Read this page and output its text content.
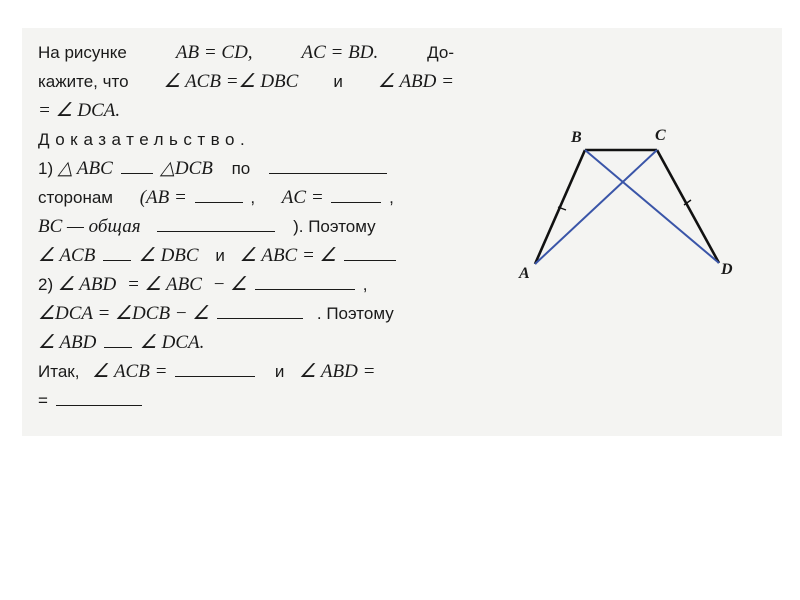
На рисунке	AB = CD,	AC = BD.	До-
кажите, что ∠ ACB =∠ DBC и ∠ ABD =
= ∠ DCA.
Доказательство.
1) △ ABC △DCB по
сторонам (AB =	, AC =	,
BC — общая	). Поэтому
∠ ACB ∠ DBC и ∠ ABC = ∠
2) ∠ ABD = ∠ ABC − ∠	,
∠DCA = ∠DCB − ∠	. Поэтому
∠ ABD ∠ DCA.
Итак, ∠ ACB =	и ∠ ABD =
=
A
B	C
D
